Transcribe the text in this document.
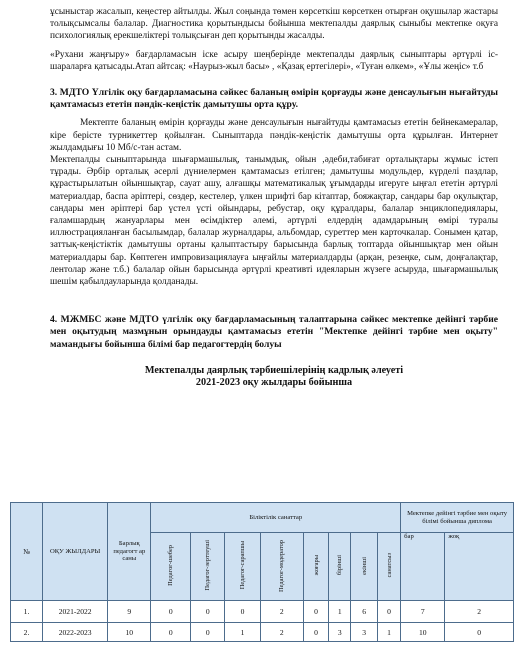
ұсыныстар жасалып, кеңестер айтылды. Жыл соңында төмен көрсеткіш көрсеткен отырған оқушылар жастары толықсымсалы балалар. Диагностика қорытындысы бойынша мектепалды даярлық сыныбы мектепке оқуға психологиялық ерекшеліктері толықсыған деп қорытынды жасалды.

«Рухани жаңғыру» бағдарламасын іске асыру шеңберінде мектепалды даярлық сыныптары әртүрлі іс-шараларға қатысады.Атап айтсақ: «Наурыз-жыл басы» , «Қазақ ертегілері», «Туған өлкем», «Ұлы жеңіс» т.б

3. МДТО Үлгілік оқу бағдарламасына сәйкес баланың өмірін қорғауды және денсаулығын нығайтуды қамтамасыз ететін пәндік-кеңістік дамытушы орта құру.

Мектепте баланың өмірін қорғауды және денсаулығын нығайтуды қамтамасыз ететін бейнекамералар, кіре берісте турникеттер қойылған. Сыныптарда пәндік-кеңістік дамытушы орта құрылған. Интернет жылдамдығы 10 Мб/с-тан астам.

Мектепалды сыныптарында шығармашылық, танымдық, ойын ,әдеби,табиғат орталықтары жұмыс істеп тұрады. Әрбір орталық әсерлі дүниелермен қамтамасыз етілген; дамытушы модульдер, күрделі паздлар, құрастырылатын ойыншықтар, сауат ашу, алғашқы математикалық ұғымдарды игеруге ыңғал ететін әртүрлі материалдар, баспа әріптері, сөздер, кестелер, үлкен шрифті бар кітаптар, бояжақтар, сандары бар оқулықтар, сандары мен әріптері бар үстел үсті ойындары, ребустар, оқу құралдары, балалар энциклопедиялары, ғаламшардың жануарлары мен өсімдіктер әлемі, әртүрлі елдердің адамдарының өмірі туралы иллюстрацияланған басылымдар, балалар журналдары, альбомдар, суреттер мен карточкалар. Сонымен қатар, заттық-кеңістіктік дамытушы ортаны қалыптастыру барысында барлық топтарда ойыншықтар мен ойын материалдары бар. Көптеген импровизациялауға ыңғайлы материалдарды (арқан, резеңке, сым, доңғалақтар, лентолар және т.б.) балалар ойын барысында әртүрлі креативті идеяларын жүзеге асыруда, шығармашылық шешім қабылдауларында қолданады.

4. МЖМБС және МДТО үлгілік оқу бағдарламасының талаптарына сәйкес мектепке дейінгі тәрбие мен оқытудың мазмұнын орындауды қамтамасыз ететін "Мектепке дейінгі тәрбие мен оқыту" мамандығы бойынша білімі бар педагогтердің болуы
Мектепалды даярлық тәрбиешілерінің кадрлық әлеуеті
2021-2023 оқу жылдары бойынша
№	ОҚУ ЖЫЛДАРЫ	Барлық педагогт ар саны	Біліктілік санаттар								Мектепке дейінгі тәрбие мен оқыту білімі бойынша диплома	
			Педагог-шебер	Педагог-зерттеуші	Педагог-сарапшы	Педагог-модератор	жоғары	бірінші	екінші	санатсыз	бар	жоқ
1.	2021-2022	9	0	0	0	2	0	1	6	0	7	2
2.	2022-2023	10	0	0	1	2	0	3	3	1	10	0
